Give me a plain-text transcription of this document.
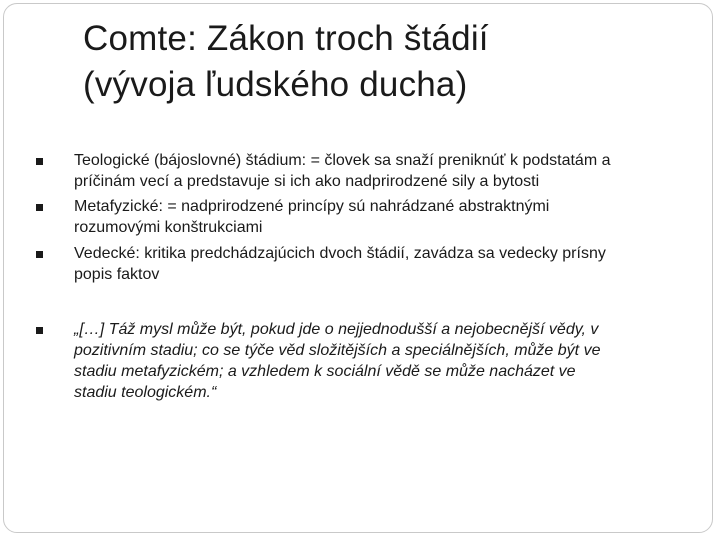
Comte: Zákon troch štádií
(vývoja ľudského ducha)
Teologické (bájoslovné) štádium: = človek sa snaží preniknúť k podstatám a
príčinám vecí a predstavuje si ich ako nadprirodzené sily a bytosti
Metafyzické: = nadprirodzené princípy sú nahrádzané abstraktnými
rozumovými konštrukciami
Vedecké: kritika predchádzajúcich dvoch štádií, zavádza sa vedecky prísny
popis faktov
„[…] Táž mysl může být, pokud jde o nejjednodušší a nejobecnější vědy, v
pozitivním stadiu; co se týče věd složitějších a speciálnějších, může být ve
stadiu metafyzickém; a vzhledem k sociální vědě se může nacházet ve
stadiu teologickém.“
